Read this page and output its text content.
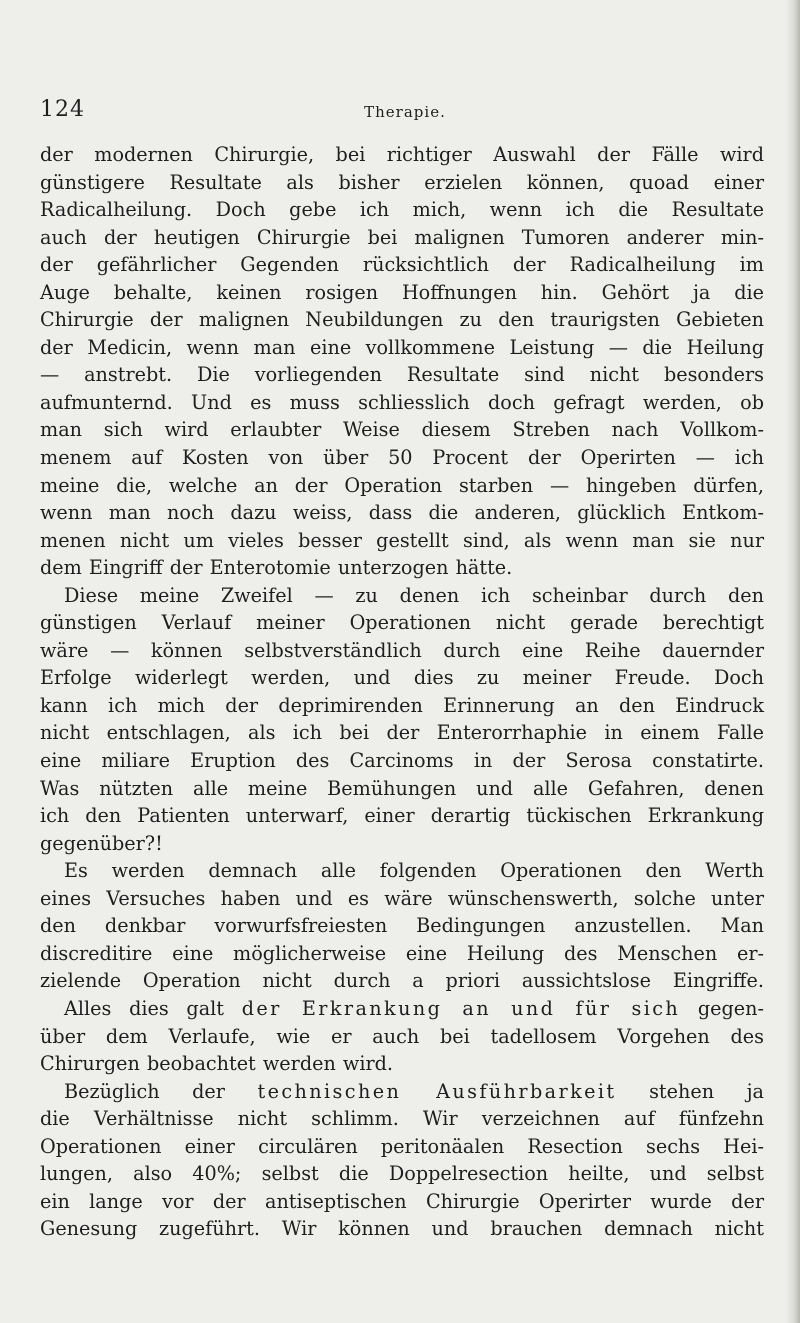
124	Therapie.
der modernen Chirurgie, bei richtiger Auswahl der Fälle wird
günstigere Resultate als bisher erzielen können, quoad einer
Radicalheilung. Doch gebe ich mich, wenn ich die Resultate
auch der heutigen Chirurgie bei malignen Tumoren anderer min-
der gefährlicher Gegenden rücksichtlich der Radicalheilung im
Auge behalte, keinen rosigen Hoffnungen hin. Gehört ja die
Chirurgie der malignen Neubildungen zu den traurigsten Gebieten
der Medicin, wenn man eine vollkommene Leistung — die Heilung
— anstrebt. Die vorliegenden Resultate sind nicht besonders
aufmunternd. Und es muss schliesslich doch gefragt werden, ob
man sich wird erlaubter Weise diesem Streben nach Vollkom-
menem auf Kosten von über 50 Procent der Operirten — ich
meine die, welche an der Operation starben — hingeben dürfen,
wenn man noch dazu weiss, dass die anderen, glücklich Entkom-
menen nicht um vieles besser gestellt sind, als wenn man sie nur
dem Eingriff der Enterotomie unterzogen hätte.
Diese meine Zweifel — zu denen ich scheinbar durch den
günstigen Verlauf meiner Operationen nicht gerade berechtigt
wäre — können selbstverständlich durch eine Reihe dauernder
Erfolge widerlegt werden, und dies zu meiner Freude. Doch
kann ich mich der deprimirenden Erinnerung an den Eindruck
nicht entschlagen, als ich bei der Enterorrhaphie in einem Falle
eine miliare Eruption des Carcinoms in der Serosa constatirte.
Was nützten alle meine Bemühungen und alle Gefahren, denen
ich den Patienten unterwarf, einer derartig tückischen Erkrankung
gegenüber?!
Es werden demnach alle folgenden Operationen den Werth
eines Versuches haben und es wäre wünschenswerth, solche unter
den denkbar vorwurfsfreiesten Bedingungen anzustellen. Man
discreditire eine möglicherweise eine Heilung des Menschen er-
zielende Operation nicht durch a priori aussichtslose Eingriffe.
Alles dies galt der Erkrankung an und für sich gegen-
über dem Verlaufe, wie er auch bei tadellosem Vorgehen des
Chirurgen beobachtet werden wird.
Bezüglich der technischen Ausführbarkeit stehen ja
die Verhältnisse nicht schlimm. Wir verzeichnen auf fünfzehn
Operationen einer circulären peritonäalen Resection sechs Hei-
lungen, also 40%; selbst die Doppelresection heilte, und selbst
ein lange vor der antiseptischen Chirurgie Operirter wurde der
Genesung zugeführt. Wir können und brauchen demnach nicht
